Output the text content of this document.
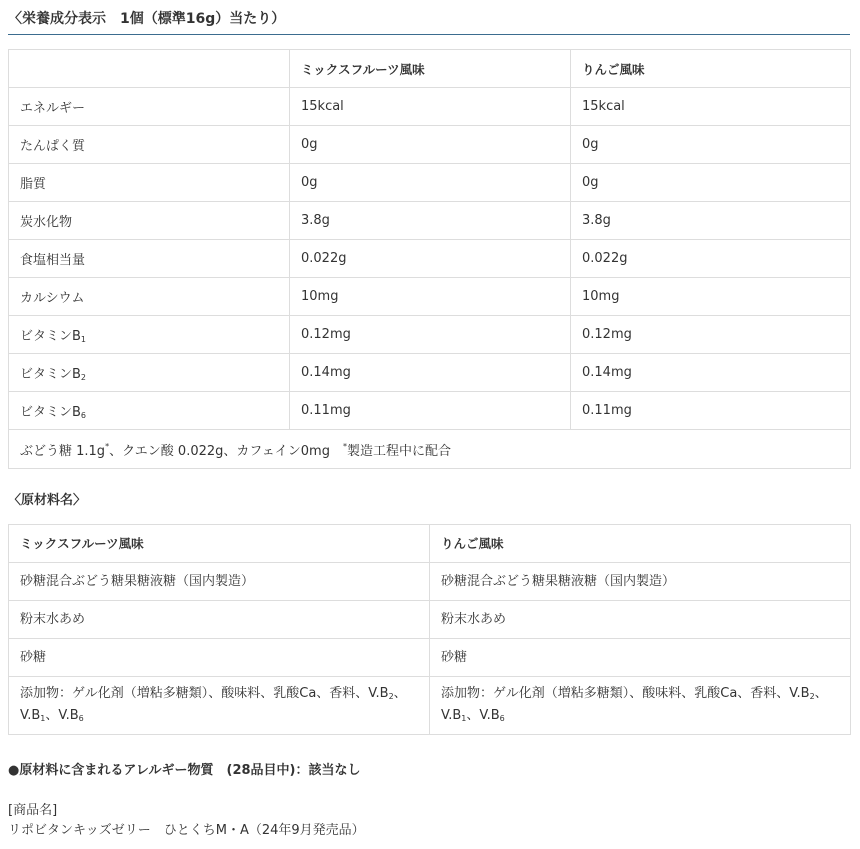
〈栄養成分表示　1個（標準16g）当たり）
	ミックスフルーツ風味	りんご風味
エネルギー	15kcal	15kcal
たんぱく質	0g	0g
脂質	0g	0g
炭水化物	3.8g	3.8g
食塩相当量	0.022g	0.022g
カルシウム	10mg	10mg
ビタミン$B_1$	0.12mg	0.12mg
ビタミン$B_2$	0.14mg	0.14mg
ビタミン$B_6$	0.11mg	0.11mg
ぶどう糖 1.1g*、クエン酸 0.022g、カフェイン0mg　*製造工程中に配合		
〈原材料名〉
ミックスフルーツ風味	りんご風味
砂糖混合ぶどう糖果糖液糖（国内製造）	砂糖混合ぶどう糖果糖液糖（国内製造）
粉末水あめ	粉末水あめ
砂糖	砂糖
添加物：ゲル化剤（増粘多糖類）、酸味料、乳酸Ca、香料、$V.B_2$、
$V.B_1$、$V.B_6$	添加物：ゲル化剤（増粘多糖類）、酸味料、乳酸Ca、香料、$V.B_2$、
$V.B_1$、$V.B_6$
●原材料に含まれるアレルギー物質　(28品目中)：該当なし
[商品名]
リポビタンキッズゼリー　ひとくちM・A（24年9月発売品）
